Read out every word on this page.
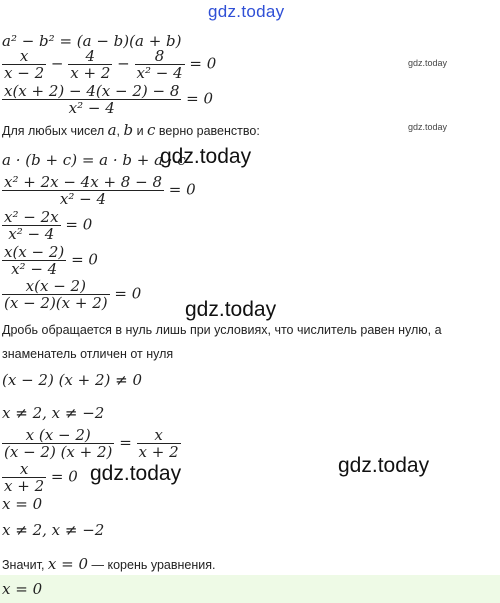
gdz.today
gdz.today
gdz.today
a² − b² = (a − b)(a + b)
$\frac{x}{x - 2} - \frac{4}{x + 2} - \frac{8}{\text{x² − 4}} = 0$
$\frac{x(x + 2) - 4(x - 2) - 8}{\text{x² − 4}} = 0$
Для любых чисел a, b и c верно равенство:
a · (b + c) = a · b + a · c
gdz.today
$\frac{\text{x² + 2x − 4x + 8 − 8}}{\text{x² − 4}} = 0$
$\frac{\text{x² − 2x}}{\text{x² − 4}} = 0$
$\frac{x(x - 2)}{\text{x² − 4}} = 0$
$\frac{x(x - 2)}{(x - 2)(x + 2)} = 0$
gdz.today
Дробь обращается в нуль лишь при условиях, что числитель равен нулю, а
знаменатель отличен от нуля
(x − 2) (x + 2) ≠ 0
x ≠ 2, x ≠ −2
$\frac{x (x - 2)}{(x - 2) (x + 2)} = \frac{x}{x + 2}$
$\frac{x}{x + 2} = 0$ gdz.today	gdz.today
x = 0
x ≠ 2, x ≠ −2
Значит, x = 0 — корень уравнения.
x = 0
